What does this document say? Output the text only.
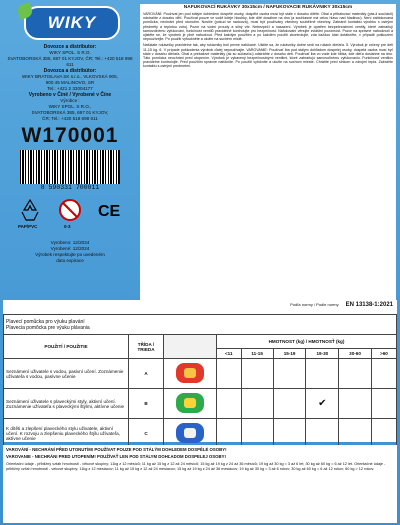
WIKY
Dovozce a distributor:
WIKY SPOL. S R.O.
SVATOBORSKÁ 385, 697 01 KYJOV, ČR; Tel.: +420 518 698 611
Dovozca a distribútor:
WIKY BRATISLAVA SK s.r.o., VLKOVSKÁ 905,
900 45 MALINOVO, SR
Tel.: +421 2 33004177
Vyrobeno v Číně / Vyrobené v Číne
Výrobce :
WIKY SPOL. S R.O.,
SVATOBORSKÁ 385, 697 01 KYJOV,
ČR; Tel.: +420 518 698 611
W170001
8 590331 700011
PAP/PVC	0-3
CE
Vyrobeno: 12/2024
Vyrobené: 12/2024
Výrobek respektujte po uvedeném
datu expirace
NAFUKOVACÍ RUKÁVKY 30x15cm / NAFUKOVACIE RUKÁVNIKY 30x15cm
VAROVÁNÍ: Používat jen pod stálým dohledem dospělé osoby, dospělé osoba musí být stále v dosahu dítěte. Obal a přibalovací materiály (pás-li součástí) odstraňte z dosahu dětí. Používat pouze ve vodě kdeje hloubky, kde dítě dosáhne na dno (a souhlasné má celou hlavu nad hladinou). Není zablokovaná pomůcka, nechráni před utonutím. Nosiče (pokud se nadouvá), musí být používány všechny souběžně všechny. Zabránít kontaktu výrobku s ostrými předměty a teplotou zdroj. Pozor na vodní proudy a silný vítr. Nebezpečí a nasazení. Výrobek je opatřen bezpečnostními ventily, které zabraňují samovolnému vyfukování, funkčnost ventilů pravidelně kontrolujte pro bezpečnost. Nafukování věnujte zvláštní pozornost. Pozor na správné nafouknutí a ujistěte se, že výrobek je plně nafouknut. Před každým použitím a po každém použití zkontrolujte, zda každou část dotáhněte, v případě poškození nepoužívejte. Po použití vyfoukněte a uložte na suchém místě.
Nafúkate rukávniky pravidelne tak, aby rukávniky boli pevne nafúkané. Uistite sa, že rukávniky dobre sedí na rukách dieťaťa. 5. Výrobok je určený pre deti 11-15 kg. 6. V prípade poškodenia výrobok ďalej nepoužívajte. VAROVANIE: Používať iba pod stálym dohľadom dospelej osoby, dospelá osoba musí byť stále v dosahu dieťaťa. Obal a prebalové materiály (ak sú súčasťou) odstráňte z dosahu detí. Používať iba vo vode kde hĺbka, kde dieťa dosiahne na dno. Táto pomôcka neochráni pred utopením. Výrobok je vybavený bezpečnostnými ventilmi, ktoré zabraňujú samovoľnému vyfukovaniu. Funkčnosť ventilov pravidelne kontrolujte. Pred použitím správne nafúknite. Po použití vyfúknite a uložte na suchom mieste. Chráňte pred slnkom a zdrojmi tepla. Zabráňte kontaktu s ostrými predmetmi.
Podľa normy / Podle normy	EN 13138-1:2021
Plavecí pomůcka pro výuku plavání
Plavecia pomôcka pre výuku plávania								
POUŽITÍ / POUŽITIE	TŘÍDA / TRIEDA		HMOTNOST (kg) / HMOTNOSŤ (kg)					
			<11	11-15	15-19	19-30	30-60	>60
Seznámení uživatele s vodou, pasivní učení. Zoznámenie užívateľa s vodou, pasívne učenie	A							
Seznámení uživatele s plaveckými styly, aktivní učení. Zoznámenie užívateľa s plaveckými štýlmi, aktívne učenie	B					✔		
K dítěti a zlepšení plaveckého stylu uživatele, aktivní učení. K rozvoju a zlepšeniu plaveckého štýlu užívateľa, aktívne učenie	C							
VAROVÁNÍ - NECHRÁNÍ PŘED UTONUTÍM! POUŽÍVAT POUZE POD STÁLÝM DOHLEDEM DOSPĚLÉ OSOBY!
VAROVANIE - NECHRÁNI PRED UTOPENÍM! POUŽÍVAŤ LEN POD STÁLYM DOHĽADOM DOSPELEJ OSOBY!
Orientační údaje - přibližný vztah hmotnosti - věkové skupiny: 11kg z 12 měsíců; 11 kg až 15 kg z 12 až 24 měsíců; 15 kg až 19 kg z 24 až 36 měsíců; 19 kg až 30 kg = 3 až 6 let; 30 kg až 60 kg = 6 až 12 let. Orientačné údaje - približný vzťah hmotnosti - vekové skupiny: 11kg z 12 mesiacov; 11 kg až 15 kg z 12 až 24 mesiacov; 15 kg až 19 kg z 24 až 36 mesiacov; 19 kg až 30 kg = 3 až 6 rokov; 30 kg až 60 kg = 6 až 12 rokov; 60 kg > 12 rokov.
